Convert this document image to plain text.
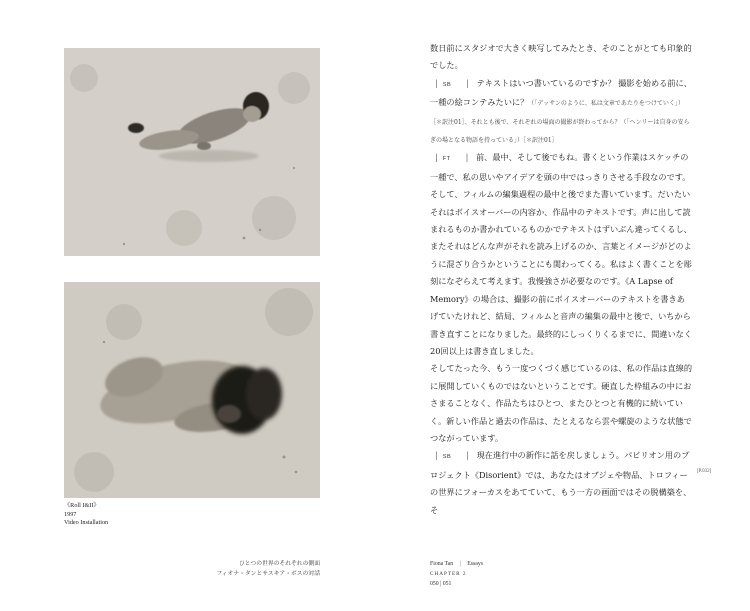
《Roll I&II》
1997
Video Installation
ひとつの世界のそれぞれの側面
フィオナ・タンとサスキア・ボスの対話

数日前にスタジオで大きく映写してみたとき、そのことがとても印象的でした。

| SB | テキストはいつ書いているのですか？ 撮影を始める前に、一種の絵コンテみたいに？（「デッサンのように、私は文章であたりをつけていく」）［＊訳注01］、それとも後で、それぞれの場面の撮影が終わってから？（「ヘンリーは自身の安らぎの場となる物語を持っている」）［＊訳注01］

| FT | 前、最中、そして後でもね。書くという作業はスケッチの一種で、私の思いやアイデアを頭の中ではっきりさせる手段なのです。そして、フィルムの編集過程の最中と後でまた書いています。だいたいそれはボイスオーバーの内容か、作品中のテキストです。声に出して読まれるものか書かれているものかでテキストはずいぶん違ってくるし、またそれはどんな声がそれを読み上げるのか、言葉とイメージがどのように混ざり合うかということにも関わってくる。私はよく書くことを彫刻になぞらえて考えます。我慢強さが必要なのです。《A Lapse of Memory》の場合は、撮影の前にボイスオーバーのテキストを書きあげていたけれど、結局、フィルムと音声の編集の最中と後で、いちから書き直すことになりました。最終的にしっくりくるまでに、間違いなく20回以上は書き直しました。

そしてたった今、もう一度つくづく感じているのは、私の作品は直線的に展開していくものではないということです。硬直した枠組みの中におさまることなく、作品たちはひとつ、またひとつと有機的に続いていく。新しい作品と過去の作品は、たとえるなら雲や螺旋のような状態でつながっています。

| SB | 現在進行中の新作に話を戻しましょう。パビリオン用のプロジェクト《Disorient》では、あなたはオブジェや物品、トロフィーの世界にフォーカスをあてていて、もう一方の画面ではその脱構築を、そ

[P.032]
Fiona Tan | Essays
CHAPTER 2
050 | 051
